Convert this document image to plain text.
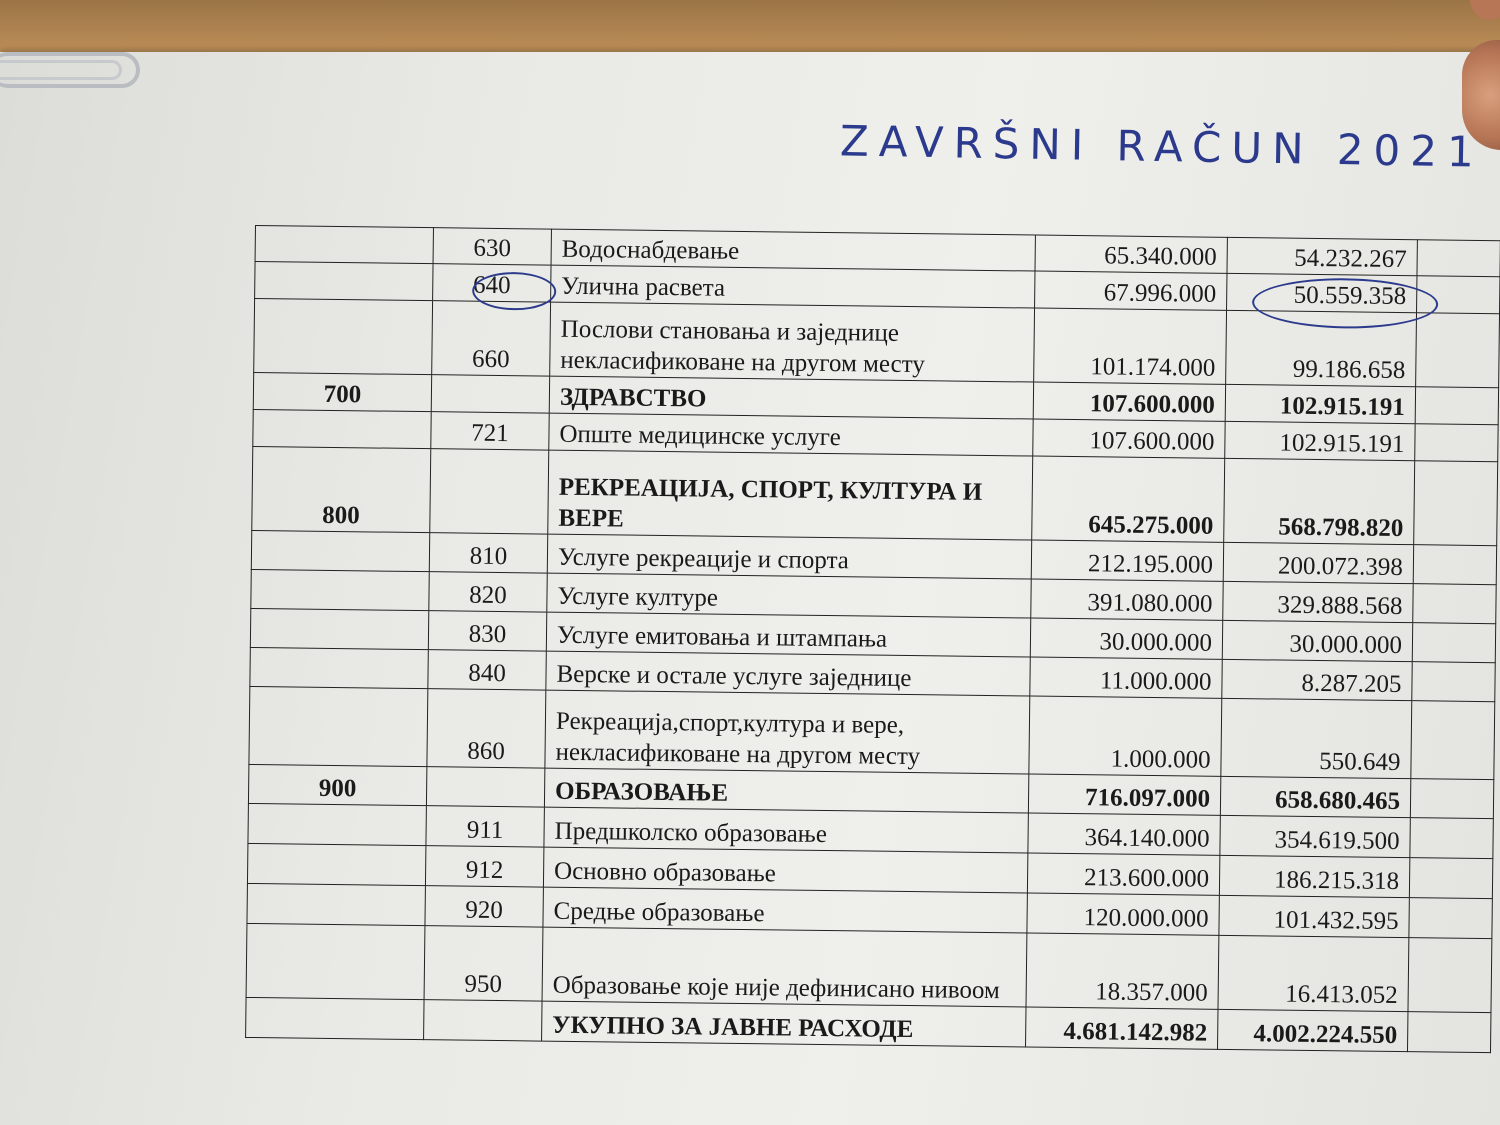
ZAVRŠNI RAČUN 2021
	630	Водоснабдевање	65.340.000	54.232.267	
	640	Улична расвета	67.996.000	50.559.358	
	660	Послови становања и заједнице некласификоване на другом месту	101.174.000	99.186.658	
700		ЗДРАВСТВО	107.600.000	102.915.191	
	721	Опште медицинске услуге	107.600.000	102.915.191	
800		РЕКРЕАЦИЈА, СПОРТ, КУЛТУРА И ВЕРЕ	645.275.000	568.798.820	
	810	Услуге рекреације и спорта	212.195.000	200.072.398	
	820	Услуге културе	391.080.000	329.888.568	
	830	Услуге емитовања и штампања	30.000.000	30.000.000	
	840	Верске и остале услуге заједнице	11.000.000	8.287.205	
	860	Рекреација,спорт,култура и вере, некласификоване на другом месту	1.000.000	550.649	
900		ОБРАЗОВАЊЕ	716.097.000	658.680.465	
	911	Предшколско образовање	364.140.000	354.619.500	
	912	Основно образовање	213.600.000	186.215.318	
	920	Средње образовање	120.000.000	101.432.595	
	950	Образовање које није дефинисано нивоом	18.357.000	16.413.052	
		УКУПНО ЗА ЈАВНЕ РАСХОДЕ	4.681.142.982	4.002.224.550	
